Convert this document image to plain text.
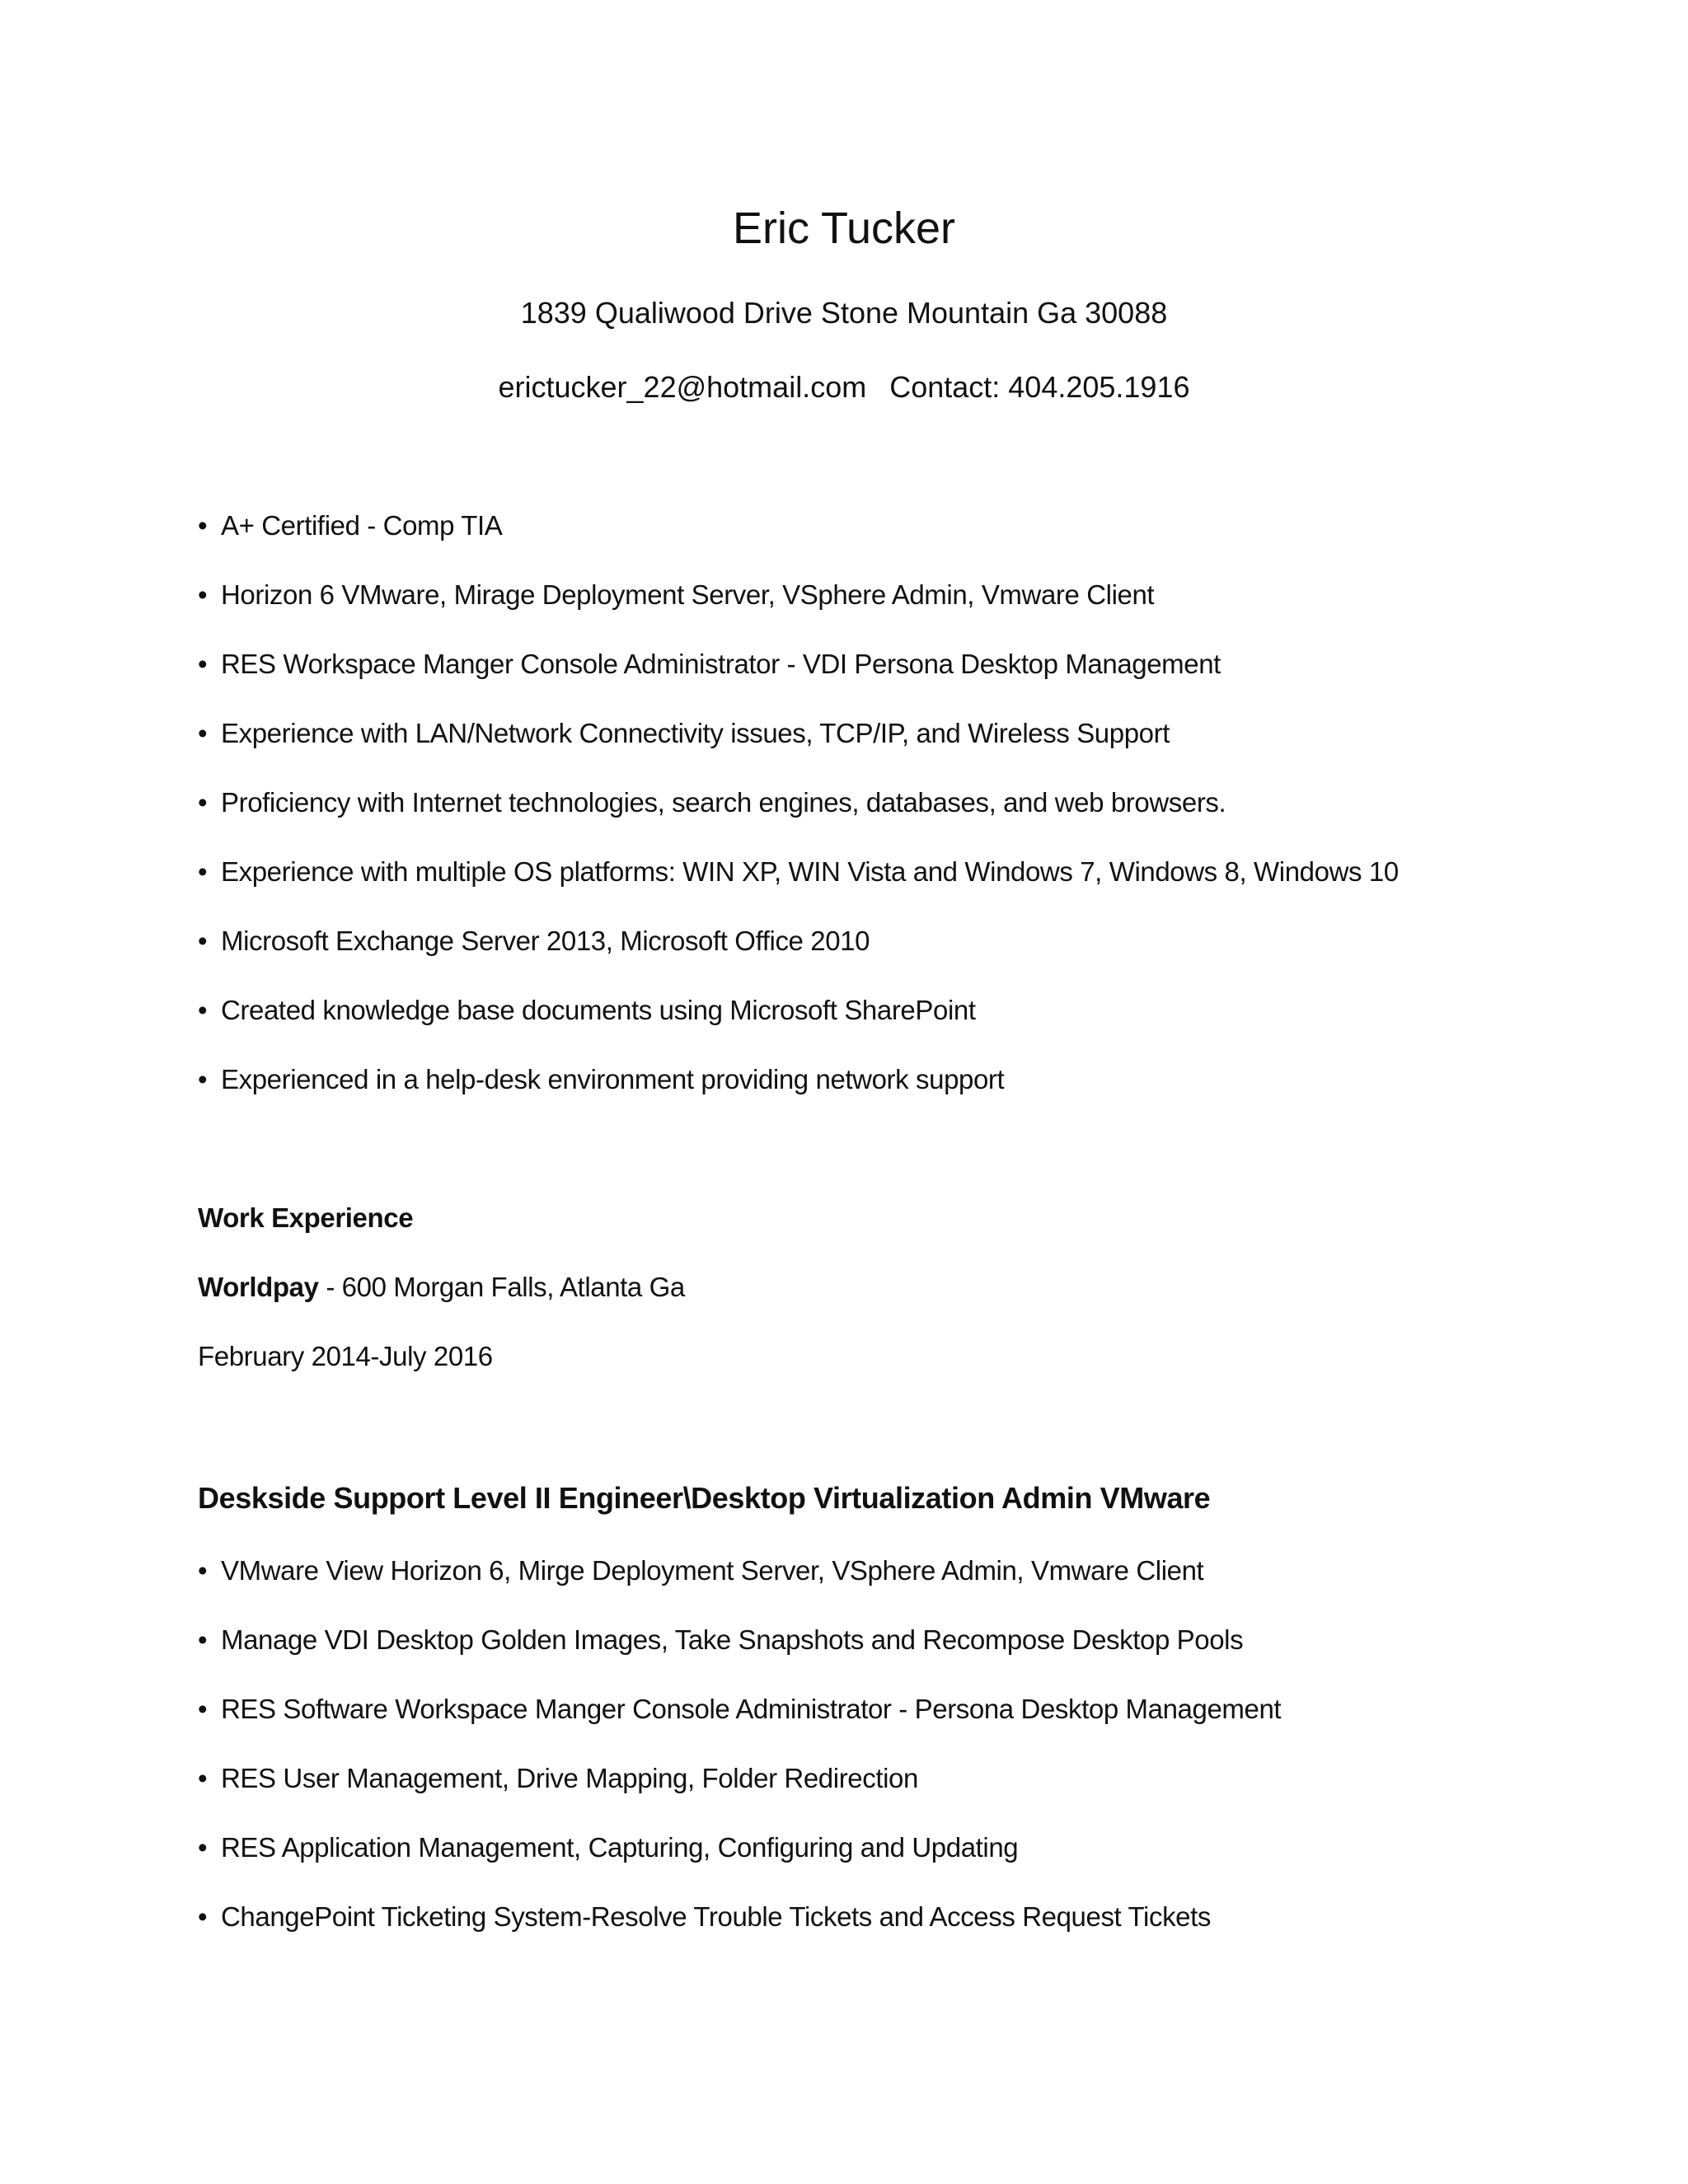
Eric Tucker
1839 Qualiwood Drive Stone Mountain Ga 30088
erictucker_22@hotmail.com Contact: 404.205.1916
• A+ Certified - Comp TIA
• Horizon 6 VMware, Mirage Deployment Server, VSphere Admin, Vmware Client
• RES Workspace Manger Console Administrator - VDI Persona Desktop Management
• Experience with LAN/Network Connectivity issues, TCP/IP, and Wireless Support
• Proficiency with Internet technologies, search engines, databases, and web browsers.
• Experience with multiple OS platforms: WIN XP, WIN Vista and Windows 7, Windows 8, Windows 10
• Microsoft Exchange Server 2013, Microsoft Office 2010
• Created knowledge base documents using Microsoft SharePoint
• Experienced in a help-desk environment providing network support
Work Experience
Worldpay - 600 Morgan Falls, Atlanta Ga
February 2014-July 2016
Deskside Support Level II Engineer\Desktop Virtualization Admin VMware
• VMware View Horizon 6, Mirge Deployment Server, VSphere Admin, Vmware Client
• Manage VDI Desktop Golden Images, Take Snapshots and Recompose Desktop Pools
• RES Software Workspace Manger Console Administrator - Persona Desktop Management
• RES User Management, Drive Mapping, Folder Redirection
• RES Application Management, Capturing, Configuring and Updating
• ChangePoint Ticketing System-Resolve Trouble Tickets and Access Request Tickets
